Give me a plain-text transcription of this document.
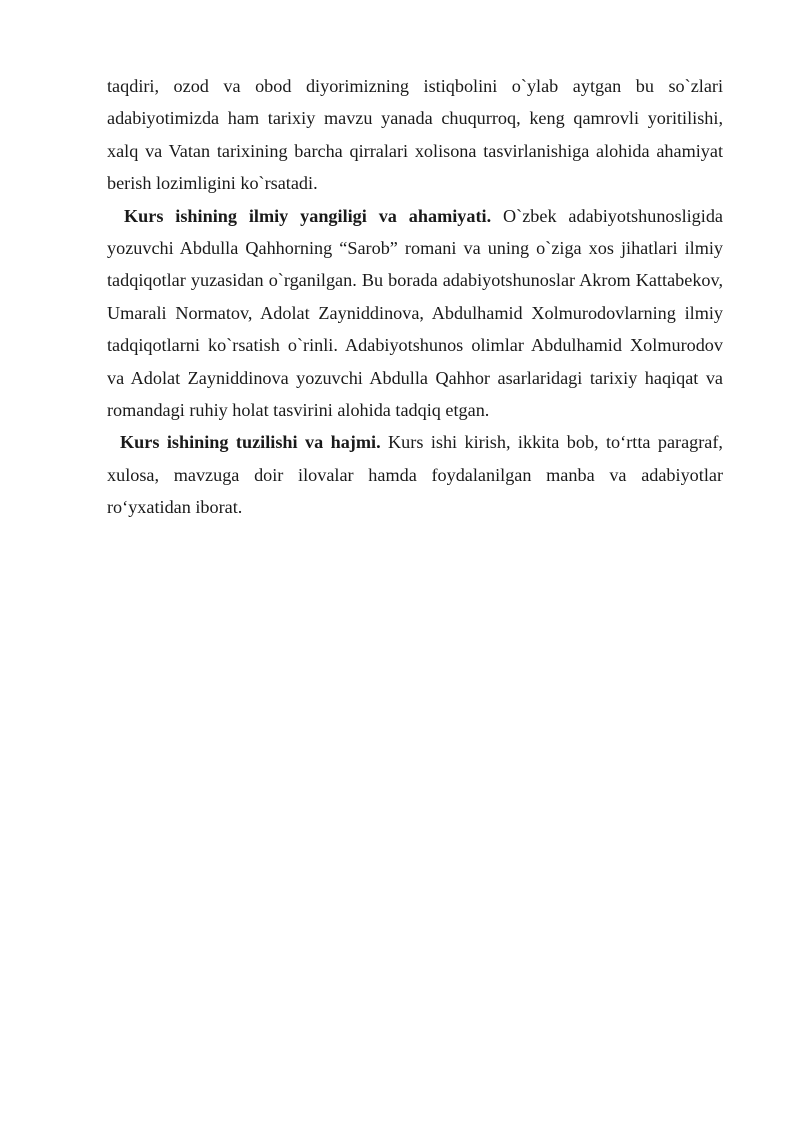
taqdiri, ozod va obod diyorimizning istiqbolini o`ylab aytgan bu so`zlari adabiyotimizda ham tarixiy mavzu yanada chuqurroq, keng qamrovli yoritilishi, xalq va Vatan tarixining barcha qirralari xolisona tasvirlanishiga alohida ahamiyat berish lozimligini ko`rsatadi.

Kurs ishining ilmiy yangiligi va ahamiyati. O`zbek adabiyotshunosligida yozuvchi Abdulla Qahhorning “Sarob” romani va uning o`ziga xos jihatlari ilmiy tadqiqotlar yuzasidan o`rganilgan. Bu borada adabiyotshunoslar Akrom Kattabekov, Umarali Normatov, Adolat Zayniddinova, Abdulhamid Xolmurodovlarning ilmiy tadqiqotlarni ko`rsatish o`rinli. Adabiyotshunos olimlar Abdulhamid Xolmurodov va Adolat Zayniddinova yozuvchi Abdulla Qahhor asarlaridagi tarixiy haqiqat va romandagi ruhiy holat tasvirini alohida tadqiq etgan.

Kurs ishining tuzilishi va hajmi. Kurs ishi kirish, ikkita bob, to‘rtta paragraf, xulosa, mavzuga doir ilovalar hamda foydalanilgan manba va adabiyotlar ro‘yxatidan iborat.
